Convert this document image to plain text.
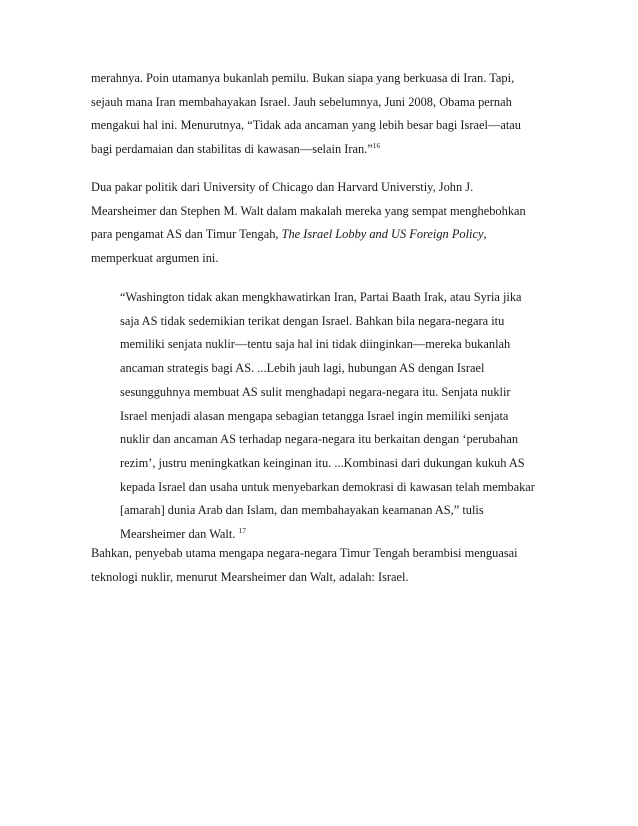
merahnya. Poin utamanya bukanlah pemilu. Bukan siapa yang berkuasa di Iran. Tapi,
sejauh mana Iran membahayakan Israel. Jauh sebelumnya, Juni 2008, Obama pernah
mengakui hal ini. Menurutnya, “Tidak ada ancaman yang lebih besar bagi Israel—atau
bagi perdamaian dan stabilitas di kawasan—selain Iran.”$^{16}$

Dua pakar politik dari University of Chicago dan Harvard Universtiy, John J.
Mearsheimer dan Stephen M. Walt dalam makalah mereka yang sempat menghebohkan
para pengamat AS dan Timur Tengah, The Israel Lobby and US Foreign Policy,
memperkuat argumen ini.

“Washington tidak akan mengkhawatirkan Iran, Partai Baath Irak, atau Syria jika
saja AS tidak sedemikian terikat dengan Israel. Bahkan bila negara-negara itu
memiliki senjata nuklir—tentu saja hal ini tidak diinginkan—mereka bukanlah
ancaman strategis bagi AS. ...Lebih jauh lagi, hubungan AS dengan Israel
sesungguhnya membuat AS sulit menghadapi negara-negara itu. Senjata nuklir
Israel menjadi alasan mengapa sebagian tetangga Israel ingin memiliki senjata
nuklir dan ancaman AS terhadap negara-negara itu berkaitan dengan ‘perubahan
rezim’, justru meningkatkan keinginan itu. ...Kombinasi dari dukungan kukuh AS
kepada Israel dan usaha untuk menyebarkan demokrasi di kawasan telah membakar
[amarah] dunia Arab dan Islam, dan membahayakan keamanan AS,” tulis
Mearsheimer dan Walt. $^{17}$

Bahkan, penyebab utama mengapa negara-negara Timur Tengah berambisi menguasai
teknologi nuklir, menurut Mearsheimer dan Walt, adalah: Israel.
